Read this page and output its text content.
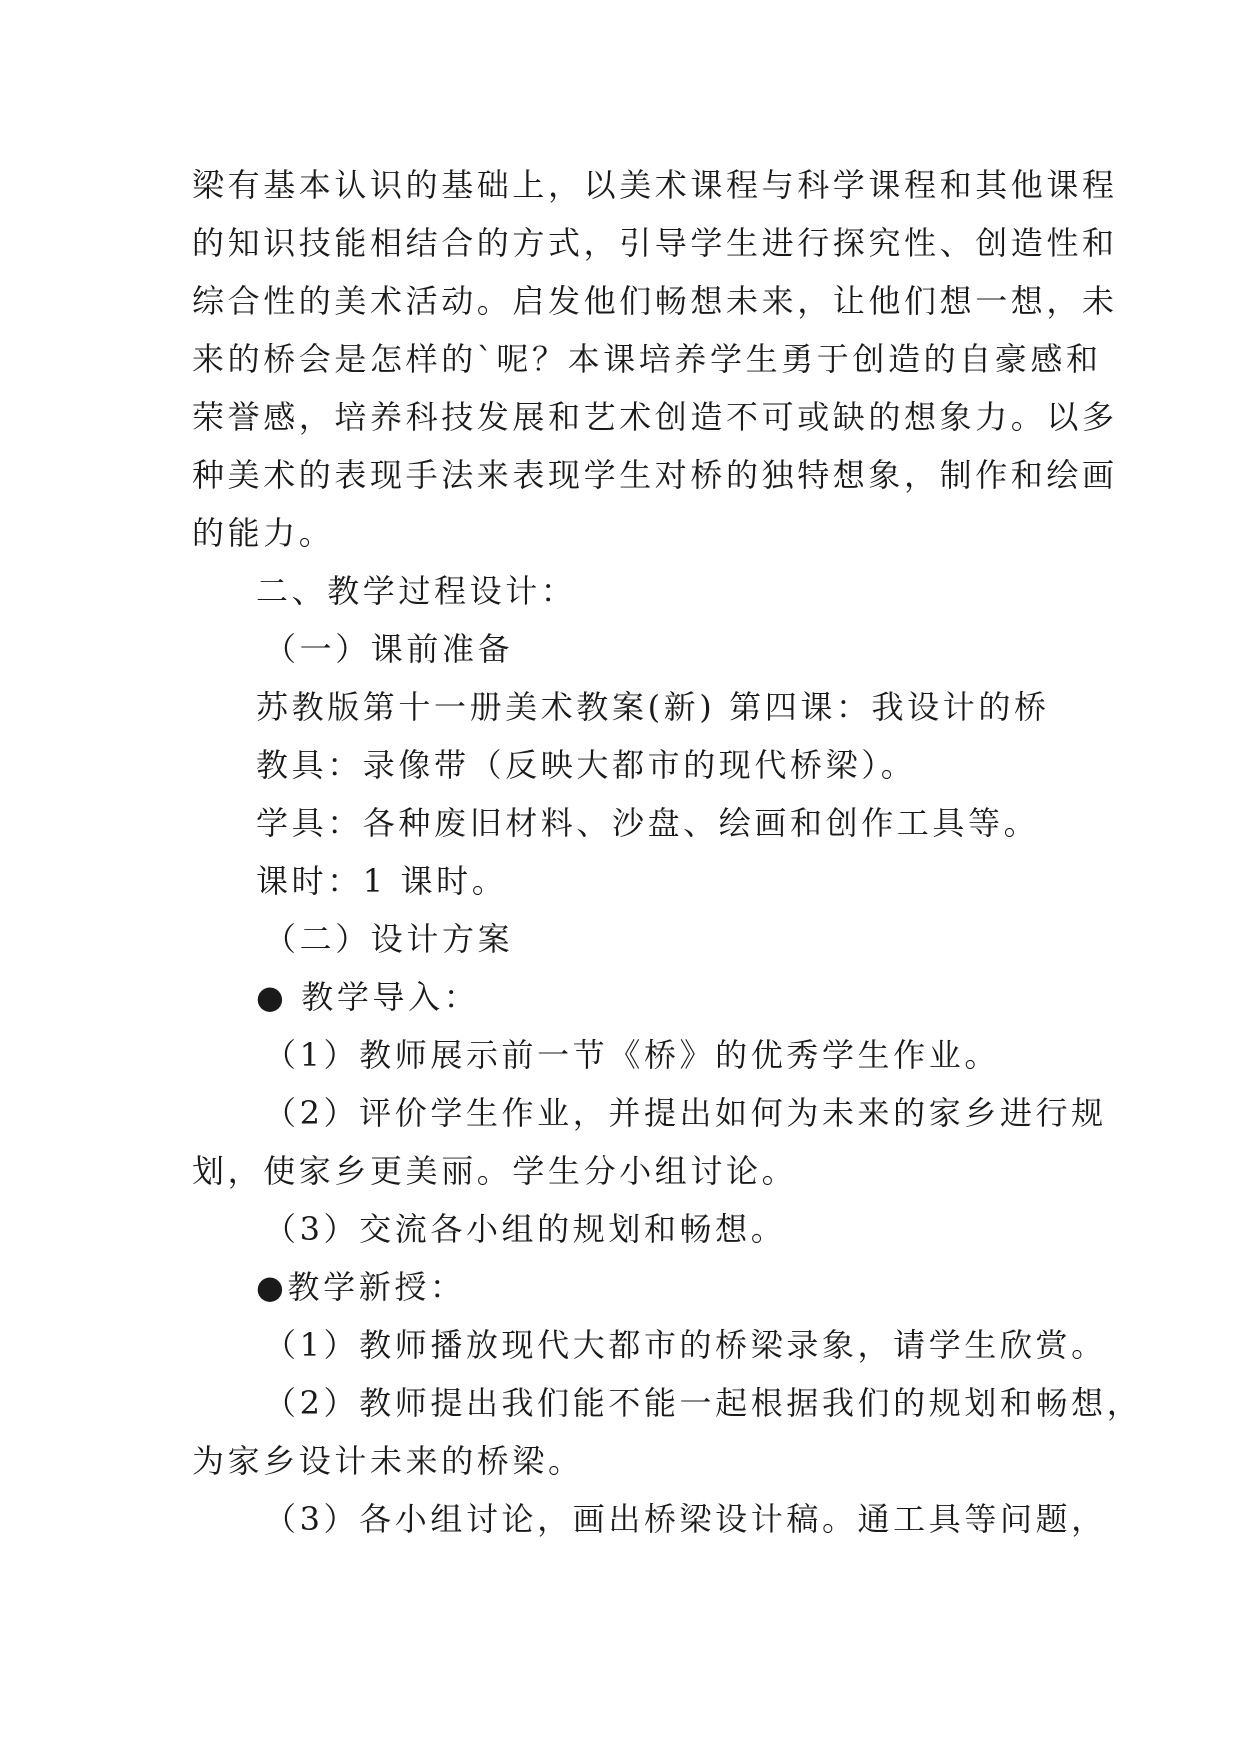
梁有基本认识的基础上，以美术课程与科学课程和其他课程
的知识技能相结合的方式，引导学生进行探究性、创造性和
综合性的美术活动。启发他们畅想未来，让他们想一想，未
来的桥会是怎样的`呢？本课培养学生勇于创造的自豪感和
荣誉感，培养科技发展和艺术创造不可或缺的想象力。以多
种美术的表现手法来表现学生对桥的独特想象，制作和绘画
的能力。
二、教学过程设计：
（一）课前准备
苏教版第十一册美术教案(新) 第四课：我设计的桥
教具：录像带（反映大都市的现代桥梁）。
学具：各种废旧材料、沙盘、绘画和创作工具等。
课时：1 课时。
（二）设计方案
● 教学导入：
（1）教师展示前一节《桥》的优秀学生作业。
（2）评价学生作业，并提出如何为未来的家乡进行规
划，使家乡更美丽。学生分小组讨论。
（3）交流各小组的规划和畅想。
●教学新授：
（1）教师播放现代大都市的桥梁录象，请学生欣赏。
（2）教师提出我们能不能一起根据我们的规划和畅想，
为家乡设计未来的桥梁。
（3）各小组讨论，画出桥梁设计稿。通工具等问题，
